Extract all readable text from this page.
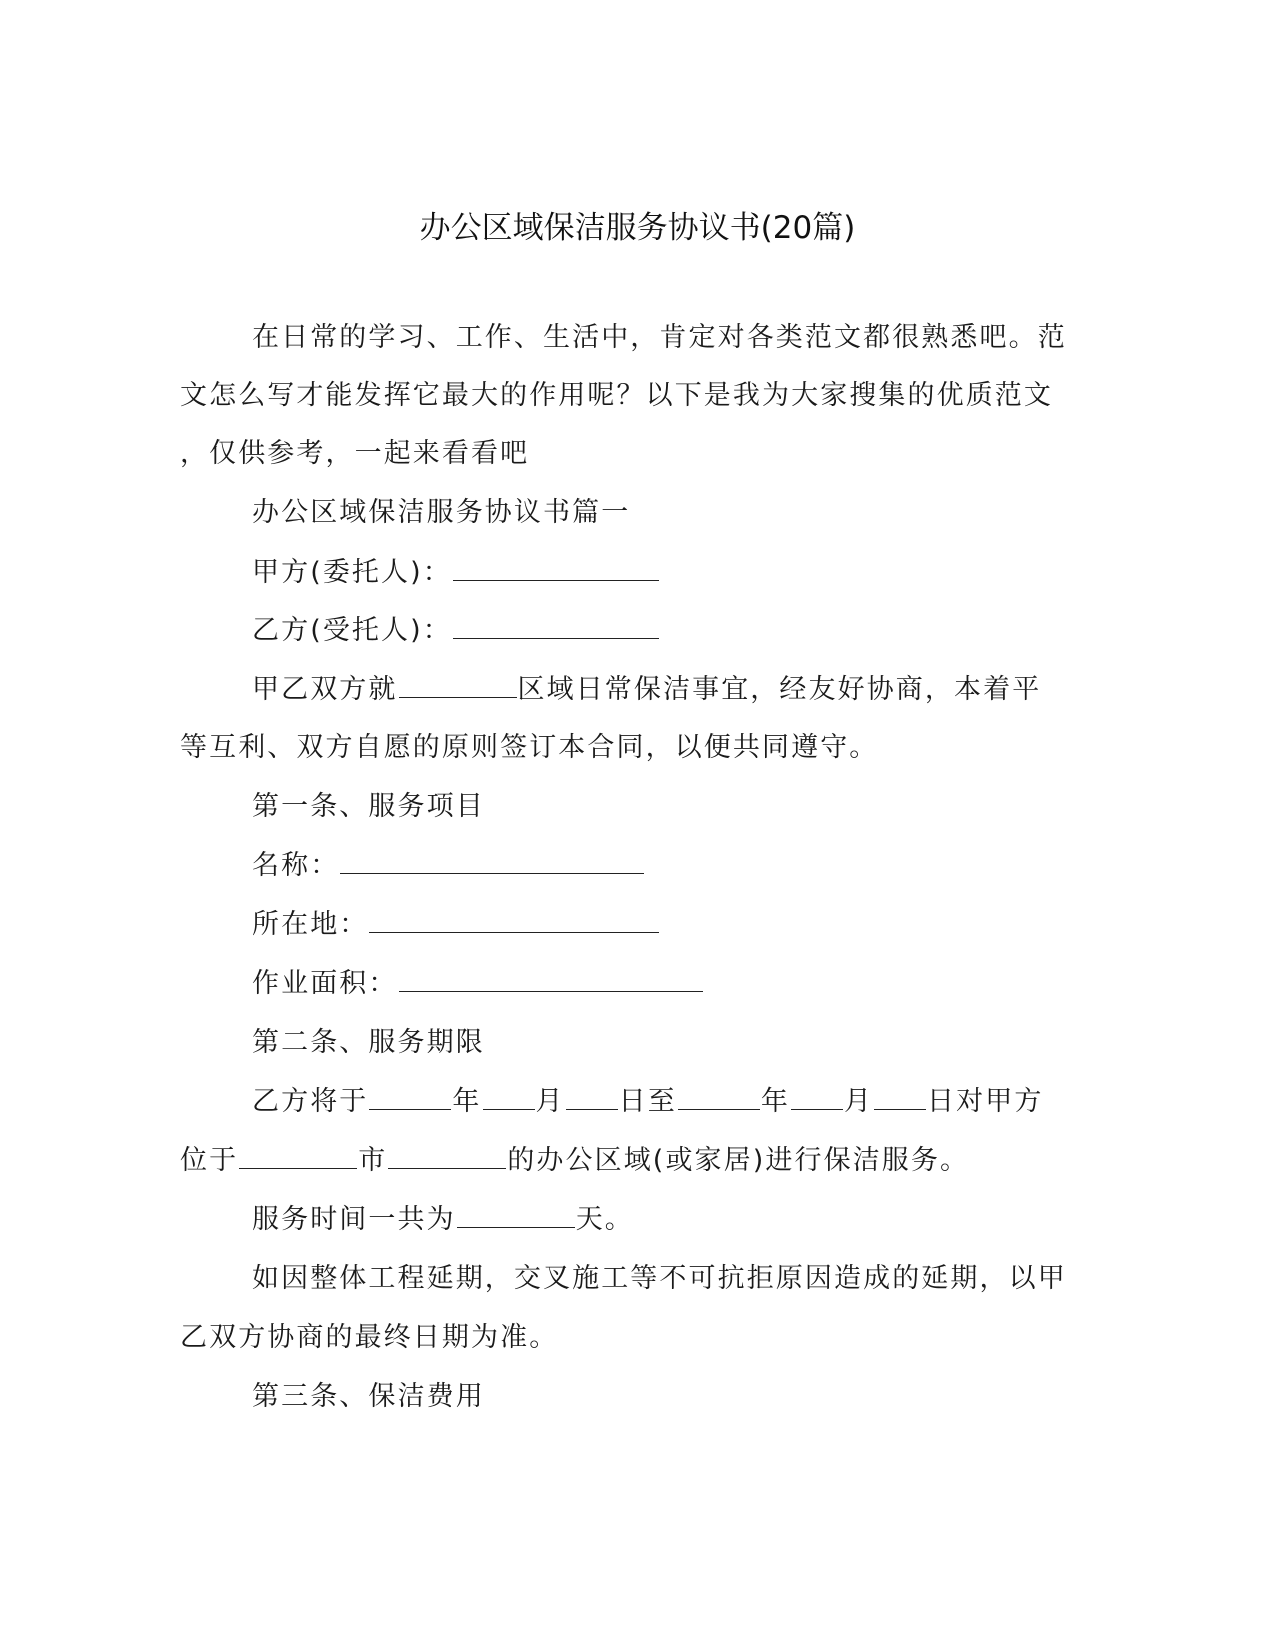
办公区域保洁服务协议书(20篇)
在日常的学习、工作、生活中，肯定对各类范文都很熟悉吧。范
文怎么写才能发挥它最大的作用呢？以下是我为大家搜集的优质范文
，仅供参考，一起来看看吧
办公区域保洁服务协议书篇一
甲方(委托人)：
乙方(受托人)：
甲乙双方就	区域日常保洁事宜，经友好协商，本着平
等互利、双方自愿的原则签订本合同，以便共同遵守。
第一条、服务项目
名称：
所在地：
作业面积：
第二条、服务期限
乙方将于	年 月 日至	年 月 日对甲方
位于	市	的办公区域(或家居)进行保洁服务。
服务时间一共为	天。
如因整体工程延期，交叉施工等不可抗拒原因造成的延期，以甲
乙双方协商的最终日期为准。
第三条、保洁费用
